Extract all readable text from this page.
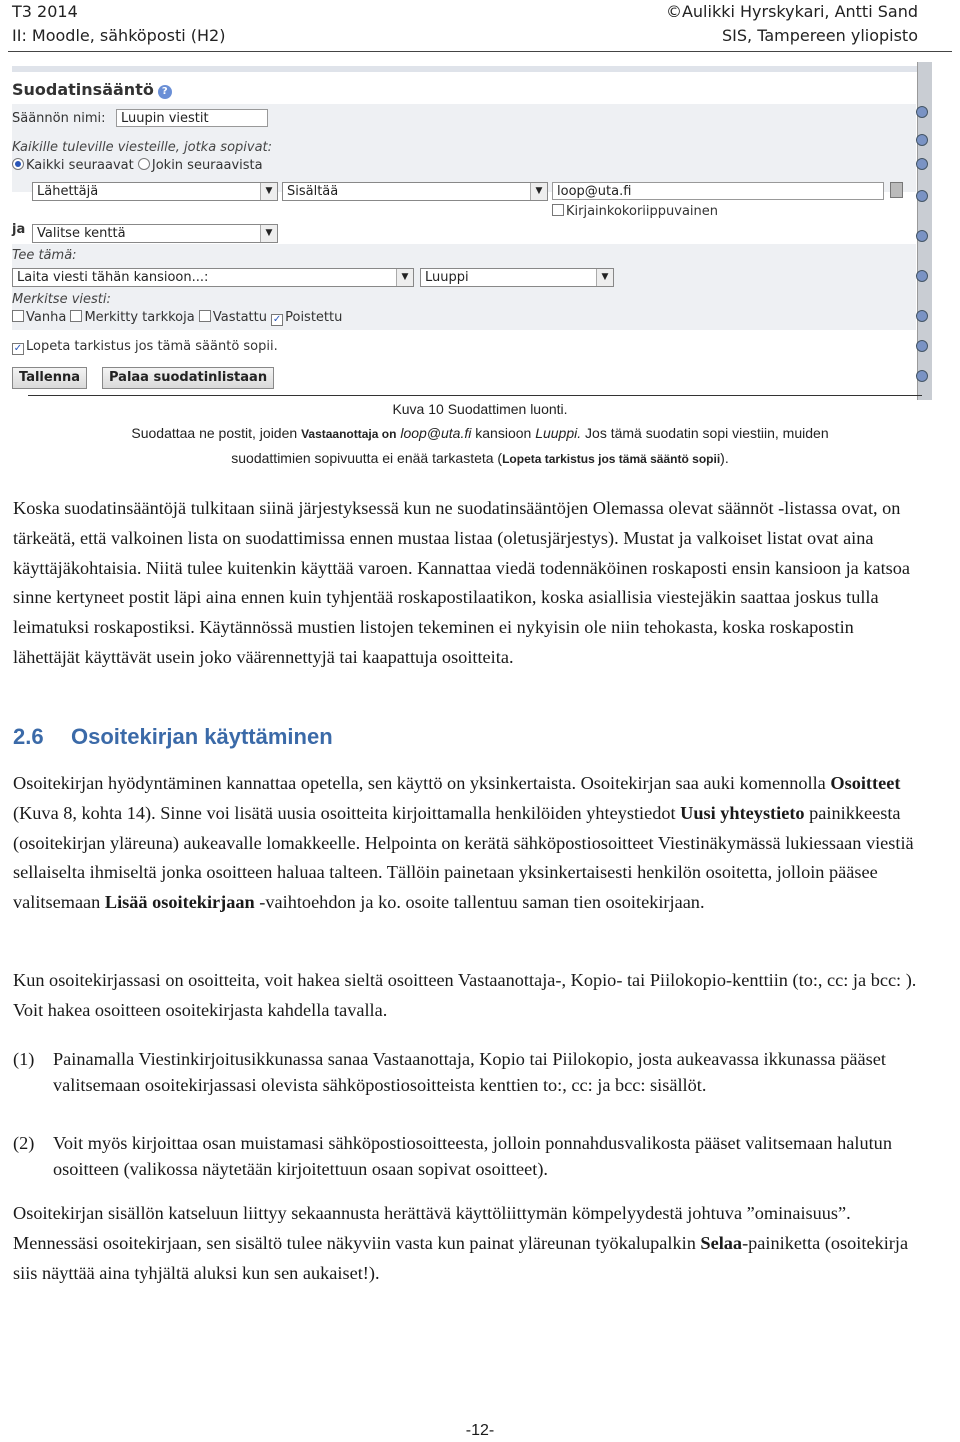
T3 2014
II: Moodle, sähköposti (H2)
©Aulikki Hyrskykari, Antti Sand
SIS, Tampereen yliopisto
Suodatinsääntö ?
Säännön nimi:	Luupin viestit
Kaikille tuleville viesteille, jotka sopivat:
Kaikki seuraavat Jokin seuraavista
Lähettäjä	▼	Sisältää	▼	loop@uta.fi
Kirjainkokoriippuvainen
ja Valitse kenttä	▼
Tee tämä:
Laita viesti tähän kansioon...:	▼	Luuppi	▼
Merkitse viesti:
Vanha Merkitty tarkkoja Vastattu ✓ Poistettu
✓ Lopeta tarkistus jos tämä sääntö sopii.
Tallenna	Palaa suodatinlistaan
Kuva 10 Suodattimen luonti.
Suodattaa ne postit, joiden Vastaanottaja on loop@uta.fi kansioon Luuppi. Jos tämä suodatin sopi viestiin, muiden
suodattimien sopivuutta ei enää tarkasteta (Lopeta tarkistus jos tämä sääntö sopii).
Koska suodatinsääntöjä tulkitaan siinä järjestyksessä kun ne suodatinsääntöjen Olemassa olevat säännöt -listassa ovat, on tärkeätä, että valkoinen lista on suodattimissa ennen mustaa listaa (oletusjärjestys). Mustat ja valkoiset listat ovat aina käyttäjäkohtaisia. Niitä tulee kuitenkin käyttää varoen. Kannattaa viedä todennäköinen roskaposti ensin kansioon ja katsoa sinne kertyneet postit läpi aina ennen kuin tyhjentää roskapostilaatikon, koska asiallisia viestejäkin saattaa joskus tulla leimatuksi roskapostiksi. Käytännössä mustien listojen tekeminen ei nykyisin ole niin tehokasta, koska roskapostin lähettäjät käyttävät usein joko väärennettyjä tai kaapattuja osoitteita.
2.6 Osoitekirjan käyttäminen
Osoitekirjan hyödyntäminen kannattaa opetella, sen käyttö on yksinkertaista. Osoitekirjan saa auki komennolla Osoitteet (Kuva 8, kohta 14). Sinne voi lisätä uusia osoitteita kirjoittamalla henkilöiden yhteystiedot Uusi yhteystieto painikkeesta (osoitekirjan yläreuna) aukeavalle lomakkeelle. Helpointa on kerätä sähköpostiosoitteet Viestinäkymässä lukiessaan viestiä sellaiselta ihmiseltä jonka osoitteen haluaa talteen. Tällöin painetaan yksinkertaisesti henkilön osoitetta, jolloin pääsee valitsemaan Lisää osoitekirjaan -vaihtoehdon ja ko. osoite tallentuu saman tien osoitekirjaan.
Kun osoitekirjassasi on osoitteita, voit hakea sieltä osoitteen Vastaanottaja-, Kopio- tai Piilokopio-kenttiin (to:, cc: ja bcc: ). Voit hakea osoitteen osoitekirjasta kahdella tavalla.
(1) Painamalla Viestinkirjoitusikkunassa sanaa Vastaanottaja, Kopio tai Piilokopio, josta aukeavassa ikkunassa pääset valitsemaan osoitekirjassasi olevista sähköpostiosoitteista kenttien to:, cc: ja bcc: sisällöt.
(2) Voit myös kirjoittaa osan muistamasi sähköpostiosoitteesta, jolloin ponnahdusvalikosta pääset valitsemaan halutun osoitteen (valikossa näytetään kirjoitettuun osaan sopivat osoitteet).
Osoitekirjan sisällön katseluun liittyy sekaannusta herättävä käyttöliittymän kömpelyydestä johtuva ”ominaisuus”. Mennessäsi osoitekirjaan, sen sisältö tulee näkyviin vasta kun painat yläreunan työkalupalkin Selaa-painiketta (osoitekirja siis näyttää aina tyhjältä aluksi kun sen aukaiset!).
-12-
